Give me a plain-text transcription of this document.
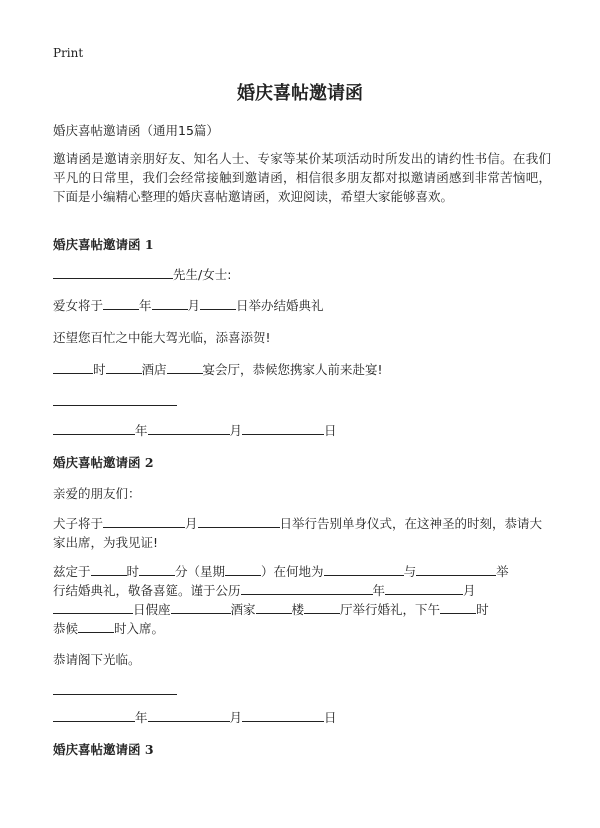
Print
婚庆喜帖邀请函

婚庆喜帖邀请函（通用15篇）

邀请函是邀请亲朋好友、知名人士、专家等某价某项活动时所发出的请约性书信。在我们平凡的日常里，我们会经常接触到邀请函，相信很多朋友都对拟邀请函感到非常苦恼吧，下面是小编精心整理的婚庆喜帖邀请函，欢迎阅读，希望大家能够喜欢。

婚庆喜帖邀请函 1

先生/女士:

爱女将于	年	月	日举办结婚典礼

还望您百忙之中能大驾光临，添喜添贺!

时	酒店	宴会厅，恭候您携家人前来赴宴!

年	月	日

婚庆喜帖邀请函 2

亲爱的朋友们：

犬子将于	月	日举行告别单身仪式，在这神圣的时刻，恭请大家出席，为我见证!

兹定于	时	分（星期	）在何地为	与	举

行结婚典礼，敬备喜筵。谨于公历	年	月

日假座	酒家	楼	厅举行婚礼，下午	时

恭候	时入席。

恭请阁下光临。

年	月	日

婚庆喜帖邀请函 3
